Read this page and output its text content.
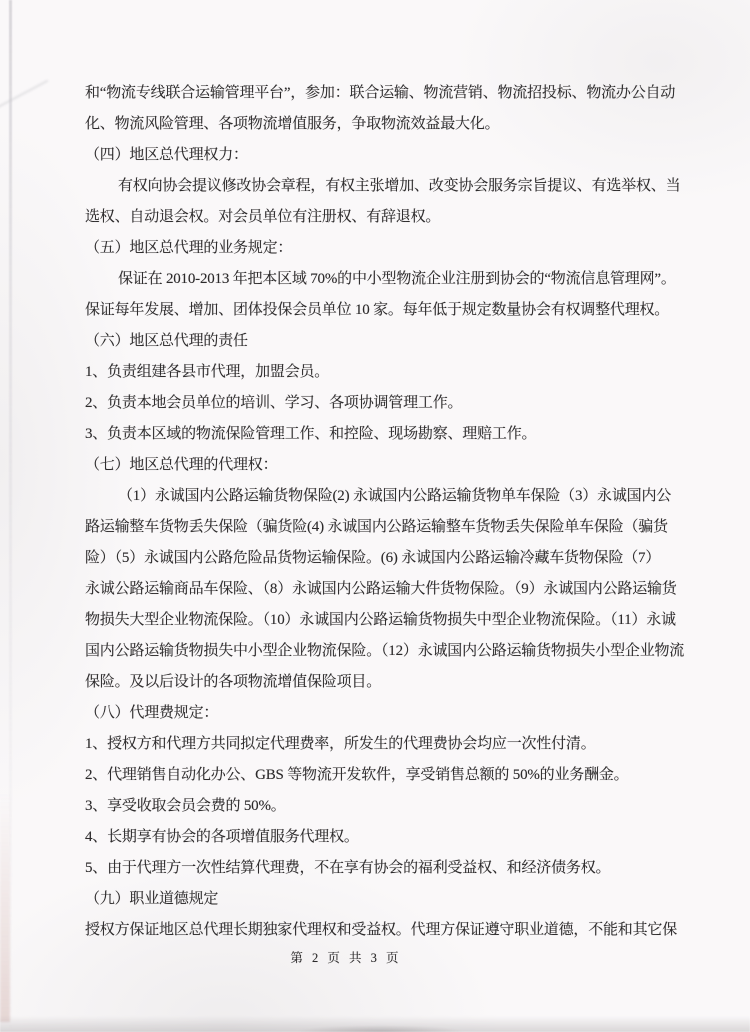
和“物流专线联合运输管理平台”，参加：联合运输、物流营销、物流招投标、物流办公自动

化、物流风险管理、各项物流增值服务，争取物流效益最大化。

（四）地区总代理权力：

有权向协会提议修改协会章程，有权主张增加、改变协会服务宗旨提议、有选举权、当

选权、自动退会权。对会员单位有注册权、有辞退权。

（五）地区总代理的业务规定：

保证在 2010-2013 年把本区域 70%的中小型物流企业注册到协会的“物流信息管理网”。

保证每年发展、增加、团体投保会员单位 10 家。每年低于规定数量协会有权调整代理权。

（六）地区总代理的责任

1、负责组建各县市代理，加盟会员。

2、负责本地会员单位的培训、学习、各项协调管理工作。

3、负责本区域的物流保险管理工作、和控险、现场勘察、理赔工作。

（七）地区总代理的代理权：

（1）永诚国内公路运输货物保险(2) 永诚国内公路运输货物单车保险（3）永诚国内公

路运输整车货物丢失保险（骗货险(4) 永诚国内公路运输整车货物丢失保险单车保险（骗货

险）（5）永诚国内公路危险品货物运输保险。(6) 永诚国内公路运输冷藏车货物保险（7）

永诚公路运输商品车保险、（8）永诚国内公路运输大件货物保险。（9）永诚国内公路运输货

物损失大型企业物流保险。（10）永诚国内公路运输货物损失中型企业物流保险。（11）永诚

国内公路运输货物损失中小型企业物流保险。（12）永诚国内公路运输货物损失小型企业物流

保险。及以后设计的各项物流增值保险项目。

（八）代理费规定：

1、授权方和代理方共同拟定代理费率，所发生的代理费协会均应一次性付清。

2、代理销售自动化办公、GBS 等物流开发软件，享受销售总额的 50%的业务酬金。

3、享受收取会员会费的 50%。

4、长期享有协会的各项增值服务代理权。

5、由于代理方一次性结算代理费，不在享有协会的福利受益权、和经济债务权。

（九）职业道德规定

授权方保证地区总代理长期独家代理权和受益权。代理方保证遵守职业道德，不能和其它保

第 2 页 共 3 页
